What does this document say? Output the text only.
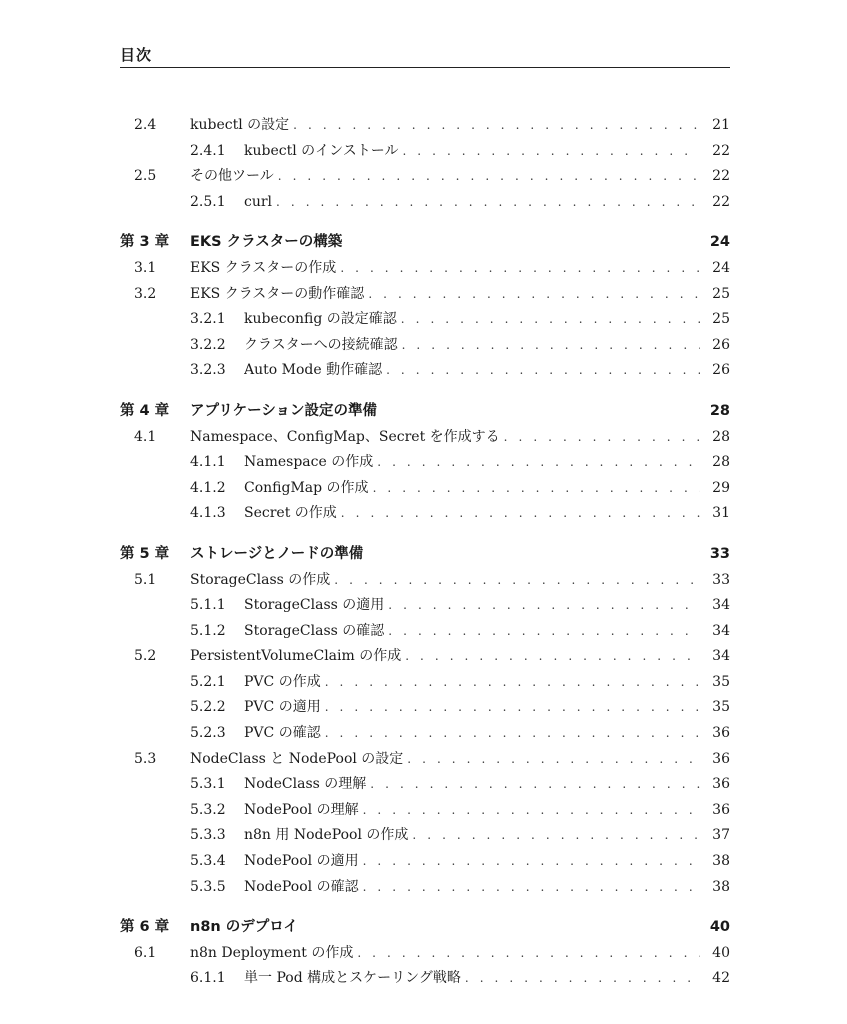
目次
2.4 kubectl の設定 . . .	21
2.4.1 kubectl のインストール . . .	22
2.5 その他ツール . . .	22
2.5.1 curl . . .	22
第 3 章 EKS クラスターの構築	24
3.1 EKS クラスターの作成 . . .	24
3.2 EKS クラスターの動作確認 . . .	25
3.2.1 kubeconfig の設定確認 . . .	25
3.2.2 クラスターへの接続確認 . . .	26
3.2.3 Auto Mode 動作確認 . . .	26
第 4 章 アプリケーション設定の準備	28
4.1 Namespace、ConfigMap、Secret を作成する . . .	28
4.1.1 Namespace の作成 . . .	28
4.1.2 ConfigMap の作成 . . .	29
4.1.3 Secret の作成 . . .	31
第 5 章 ストレージとノードの準備	33
5.1 StorageClass の作成 . . .	33
5.1.1 StorageClass の適用 . . .	34
5.1.2 StorageClass の確認 . . .	34
5.2 PersistentVolumeClaim の作成 . . .	34
5.2.1 PVC の作成 . . .	35
5.2.2 PVC の適用 . . .	35
5.2.3 PVC の確認 . . .	36
5.3 NodeClass と NodePool の設定 . . .	36
5.3.1 NodeClass の理解 . . .	36
5.3.2 NodePool の理解 . . .	36
5.3.3 n8n 用 NodePool の作成 . . .	37
5.3.4 NodePool の適用 . . .	38
5.3.5 NodePool の確認 . . .	38
第 6 章 n8n のデプロイ	40
6.1 n8n Deployment の作成 . . .	40
6.1.1 単一 Pod 構成とスケーリング戦略 . . .	42
